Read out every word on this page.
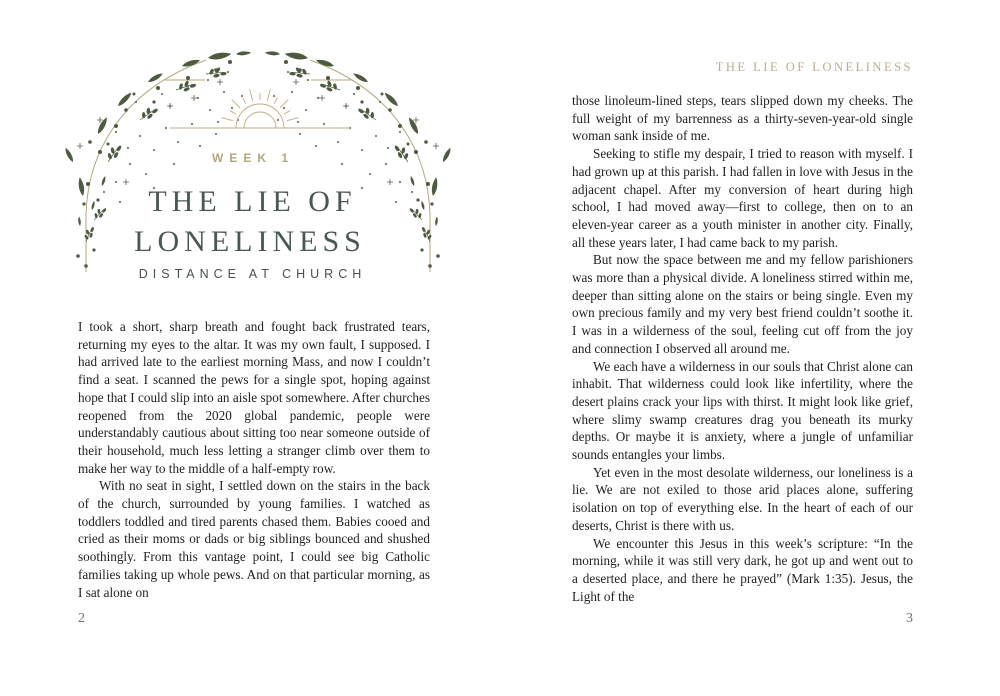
WEEK 1
THE LIE OF
LONELINESS
DISTANCE AT CHURCH

I took a short, sharp breath and fought back frustrated tears, returning my eyes to the altar. It was my own fault, I supposed. I had arrived late to the earliest morning Mass, and now I couldn’t find a seat. I scanned the pews for a single spot, hoping against hope that I could slip into an aisle spot somewhere. After churches reopened from the 2020 global pandemic, people were understandably cautious about sitting too near someone outside of their household, much less letting a stranger climb over them to make her way to the middle of a half-empty row.

With no seat in sight, I settled down on the stairs in the back of the church, surrounded by young families. I watched as toddlers toddled and tired parents chased them. Babies cooed and cried as their moms or dads or big siblings bounced and shushed soothingly. From this vantage point, I could see big Catholic families taking up whole pews. And on that particular morning, as I sat alone on

2
THE LIE OF LONELINESS

those linoleum-lined steps, tears slipped down my cheeks. The full weight of my barrenness as a thirty-seven-year-old single woman sank inside of me.

Seeking to stifle my despair, I tried to reason with myself. I had grown up at this parish. I had fallen in love with Jesus in the adjacent chapel. After my conversion of heart during high school, I had moved away—first to college, then on to an eleven-year career as a youth minister in another city. Finally, all these years later, I had came back to my parish.

But now the space between me and my fellow parishioners was more than a physical divide. A loneliness stirred within me, deeper than sitting alone on the stairs or being single. Even my own precious family and my very best friend couldn’t soothe it. I was in a wilderness of the soul, feeling cut off from the joy and connection I observed all around me.

We each have a wilderness in our souls that Christ alone can inhabit. That wilderness could look like infertility, where the desert plains crack your lips with thirst. It might look like grief, where slimy swamp creatures drag you beneath its murky depths. Or maybe it is anxiety, where a jungle of unfamiliar sounds entangles your limbs.

Yet even in the most desolate wilderness, our loneliness is a lie. We are not exiled to those arid places alone, suffering isolation on top of everything else. In the heart of each of our deserts, Christ is there with us.

We encounter this Jesus in this week’s scripture: “In the morning, while it was still very dark, he got up and went out to a deserted place, and there he prayed” (Mark 1:35). Jesus, the Light of the

3
